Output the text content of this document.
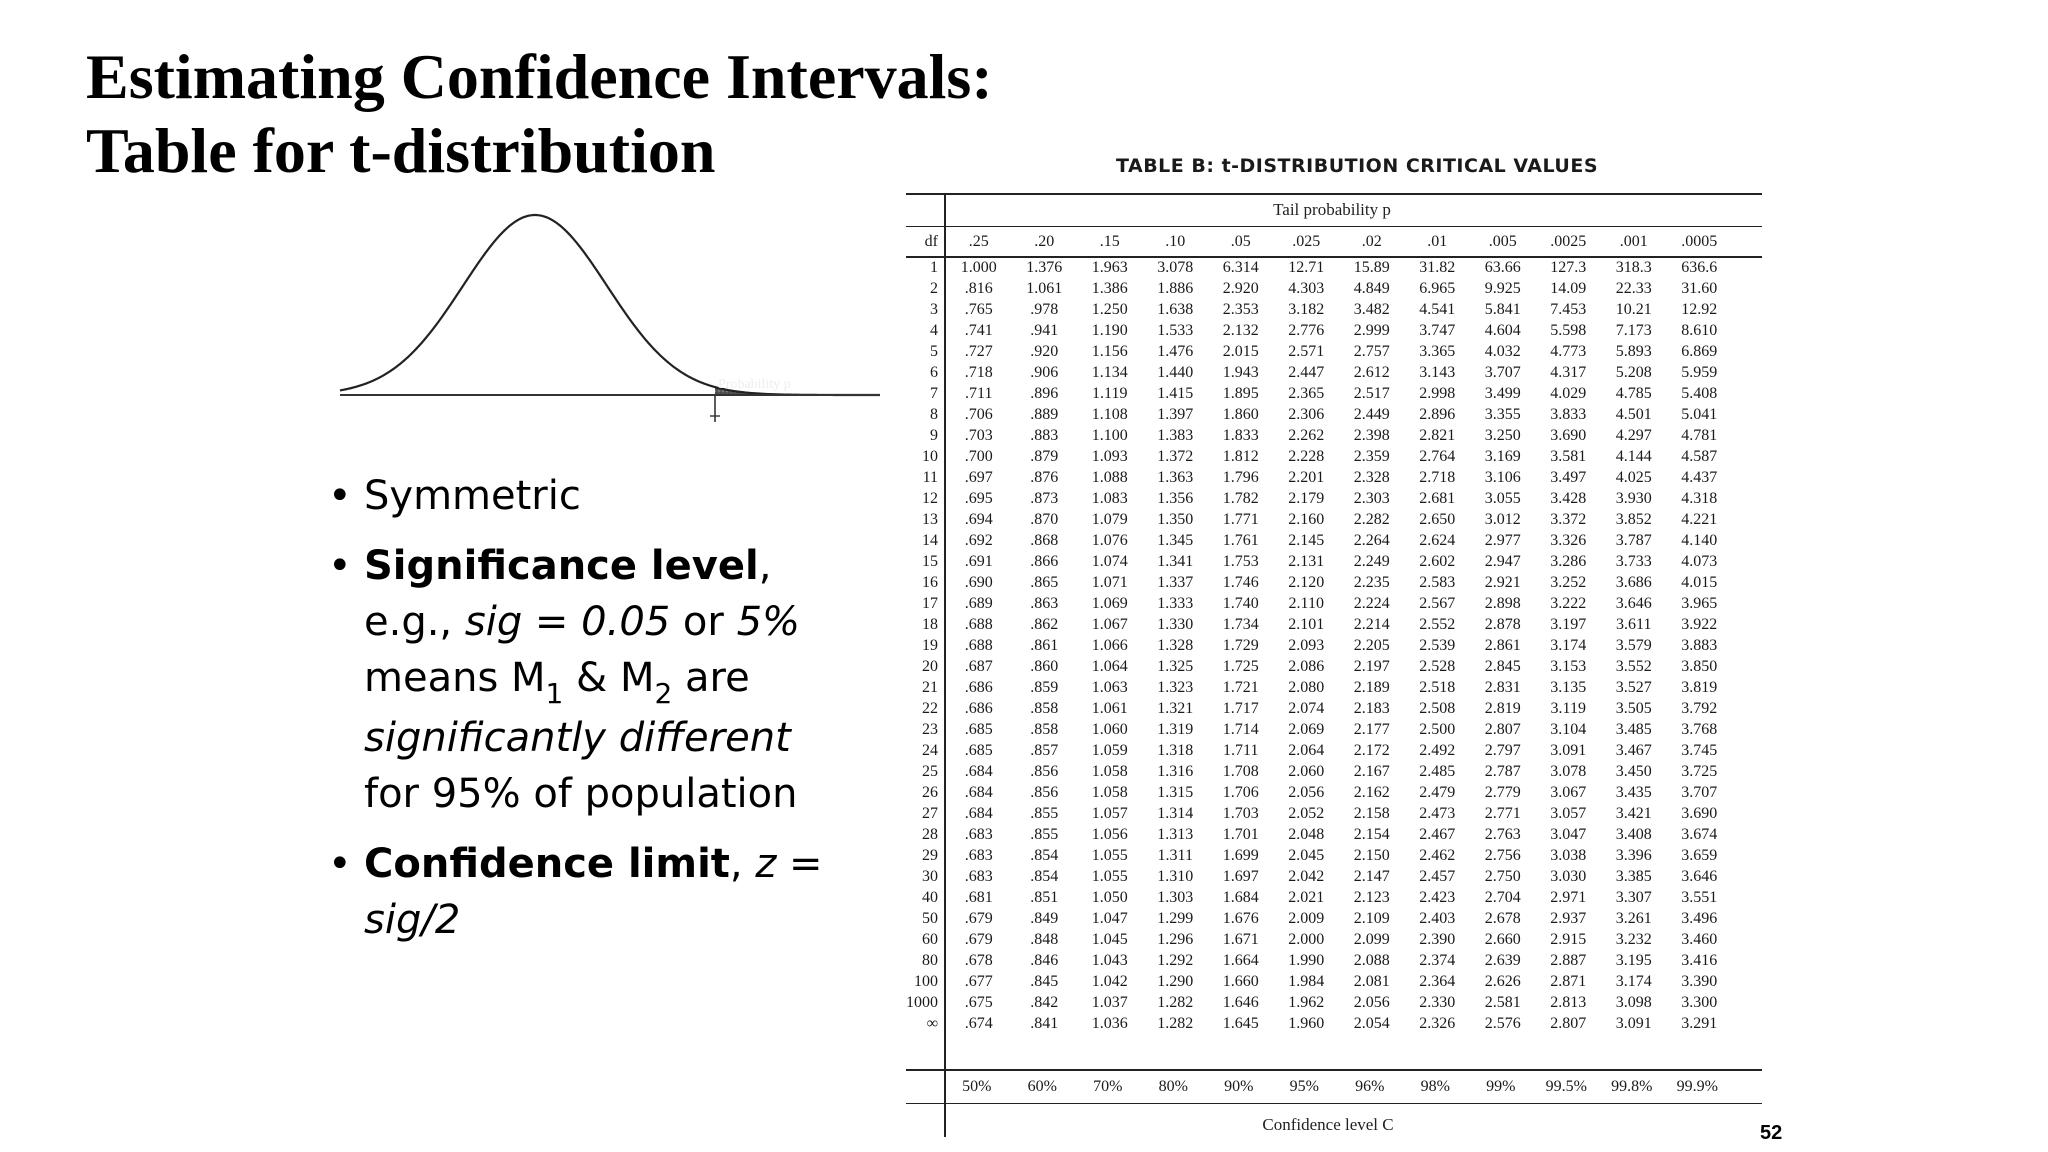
Estimating Confidence Intervals:
Table for t-distribution
Probability p
• Symmetric
• Significance level, e.g., sig = 0.05 or 5% means $M_1$ & $M_2$ are significantly different for 95% of population
• Confidence limit, z = sig/2
TABLE B: t-DISTRIBUTION CRITICAL VALUES
Tail probability p
df	.25	.20	.15	.10	.05	.025	.02	.01	.005	.0025	.001	.0005
1	1.000	1.376	1.963	3.078	6.314	12.71	15.89	31.82	63.66	127.3	318.3	636.6
2	.816	1.061	1.386	1.886	2.920	4.303	4.849	6.965	9.925	14.09	22.33	31.60
3	.765	.978	1.250	1.638	2.353	3.182	3.482	4.541	5.841	7.453	10.21	12.92
4	.741	.941	1.190	1.533	2.132	2.776	2.999	3.747	4.604	5.598	7.173	8.610
5	.727	.920	1.156	1.476	2.015	2.571	2.757	3.365	4.032	4.773	5.893	6.869
6	.718	.906	1.134	1.440	1.943	2.447	2.612	3.143	3.707	4.317	5.208	5.959
7	.711	.896	1.119	1.415	1.895	2.365	2.517	2.998	3.499	4.029	4.785	5.408
8	.706	.889	1.108	1.397	1.860	2.306	2.449	2.896	3.355	3.833	4.501	5.041
9	.703	.883	1.100	1.383	1.833	2.262	2.398	2.821	3.250	3.690	4.297	4.781
10	.700	.879	1.093	1.372	1.812	2.228	2.359	2.764	3.169	3.581	4.144	4.587
11	.697	.876	1.088	1.363	1.796	2.201	2.328	2.718	3.106	3.497	4.025	4.437
12	.695	.873	1.083	1.356	1.782	2.179	2.303	2.681	3.055	3.428	3.930	4.318
13	.694	.870	1.079	1.350	1.771	2.160	2.282	2.650	3.012	3.372	3.852	4.221
14	.692	.868	1.076	1.345	1.761	2.145	2.264	2.624	2.977	3.326	3.787	4.140
15	.691	.866	1.074	1.341	1.753	2.131	2.249	2.602	2.947	3.286	3.733	4.073
16	.690	.865	1.071	1.337	1.746	2.120	2.235	2.583	2.921	3.252	3.686	4.015
17	.689	.863	1.069	1.333	1.740	2.110	2.224	2.567	2.898	3.222	3.646	3.965
18	.688	.862	1.067	1.330	1.734	2.101	2.214	2.552	2.878	3.197	3.611	3.922
19	.688	.861	1.066	1.328	1.729	2.093	2.205	2.539	2.861	3.174	3.579	3.883
20	.687	.860	1.064	1.325	1.725	2.086	2.197	2.528	2.845	3.153	3.552	3.850
21	.686	.859	1.063	1.323	1.721	2.080	2.189	2.518	2.831	3.135	3.527	3.819
22	.686	.858	1.061	1.321	1.717	2.074	2.183	2.508	2.819	3.119	3.505	3.792
23	.685	.858	1.060	1.319	1.714	2.069	2.177	2.500	2.807	3.104	3.485	3.768
24	.685	.857	1.059	1.318	1.711	2.064	2.172	2.492	2.797	3.091	3.467	3.745
25	.684	.856	1.058	1.316	1.708	2.060	2.167	2.485	2.787	3.078	3.450	3.725
26	.684	.856	1.058	1.315	1.706	2.056	2.162	2.479	2.779	3.067	3.435	3.707
27	.684	.855	1.057	1.314	1.703	2.052	2.158	2.473	2.771	3.057	3.421	3.690
28	.683	.855	1.056	1.313	1.701	2.048	2.154	2.467	2.763	3.047	3.408	3.674
29	.683	.854	1.055	1.311	1.699	2.045	2.150	2.462	2.756	3.038	3.396	3.659
30	.683	.854	1.055	1.310	1.697	2.042	2.147	2.457	2.750	3.030	3.385	3.646
40	.681	.851	1.050	1.303	1.684	2.021	2.123	2.423	2.704	2.971	3.307	3.551
50	.679	.849	1.047	1.299	1.676	2.009	2.109	2.403	2.678	2.937	3.261	3.496
60	.679	.848	1.045	1.296	1.671	2.000	2.099	2.390	2.660	2.915	3.232	3.460
80	.678	.846	1.043	1.292	1.664	1.990	2.088	2.374	2.639	2.887	3.195	3.416
100	.677	.845	1.042	1.290	1.660	1.984	2.081	2.364	2.626	2.871	3.174	3.390
1000	.675	.842	1.037	1.282	1.646	1.962	2.056	2.330	2.581	2.813	3.098	3.300
∞	.674	.841	1.036	1.282	1.645	1.960	2.054	2.326	2.576	2.807	3.091	3.291
	50%	60%	70%	80%	90%	95%	96%	98%	99%	99.5%	99.8%	99.9%
Confidence level C	52
